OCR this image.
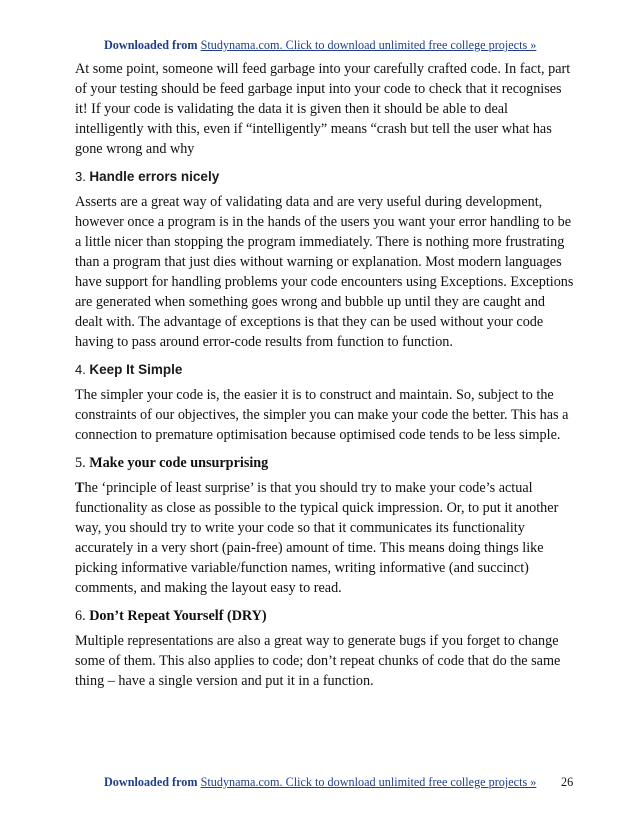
Downloaded from Studynama.com. Click to download unlimited free college projects »

At some point, someone will feed garbage into your carefully crafted code. In fact, part of your testing should be feed garbage input into your code to check that it recognises it! If your code is validating the data it is given then it should be able to deal intelligently with this, even if “intelligently” means “crash but tell the user what has gone wrong and why

3. Handle errors nicely

Asserts are a great way of validating data and are very useful during development, however once a program is in the hands of the users you want your error handling to be a little nicer than stopping the program immediately. There is nothing more frustrating than a program that just dies without warning or explanation. Most modern languages have support for handling problems your code encounters using Exceptions. Exceptions are generated when something goes wrong and bubble up until they are caught and dealt with. The advantage of exceptions is that they can be used without your code having to pass around error-code results from function to function.

4. Keep It Simple

The simpler your code is, the easier it is to construct and maintain. So, subject to the constraints of our objectives, the simpler you can make your code the better. This has a connection to premature optimisation because optimised code tends to be less simple.

5. Make your code unsurprising

The ‘principle of least surprise’ is that you should try to make your code’s actual functionality as close as possible to the typical quick impression. Or, to put it another way, you should try to write your code so that it communicates its functionality accurately in a very short (pain-free) amount of time. This means doing things like picking informative variable/function names, writing informative (and succinct) comments, and making the layout easy to read.

6. Don’t Repeat Yourself (DRY)

Multiple representations are also a great way to generate bugs if you forget to change some of them. This also applies to code; don’t repeat chunks of code that do the same thing – have a single version and put it in a function.

Downloaded from Studynama.com. Click to download unlimited free college projects » 26
